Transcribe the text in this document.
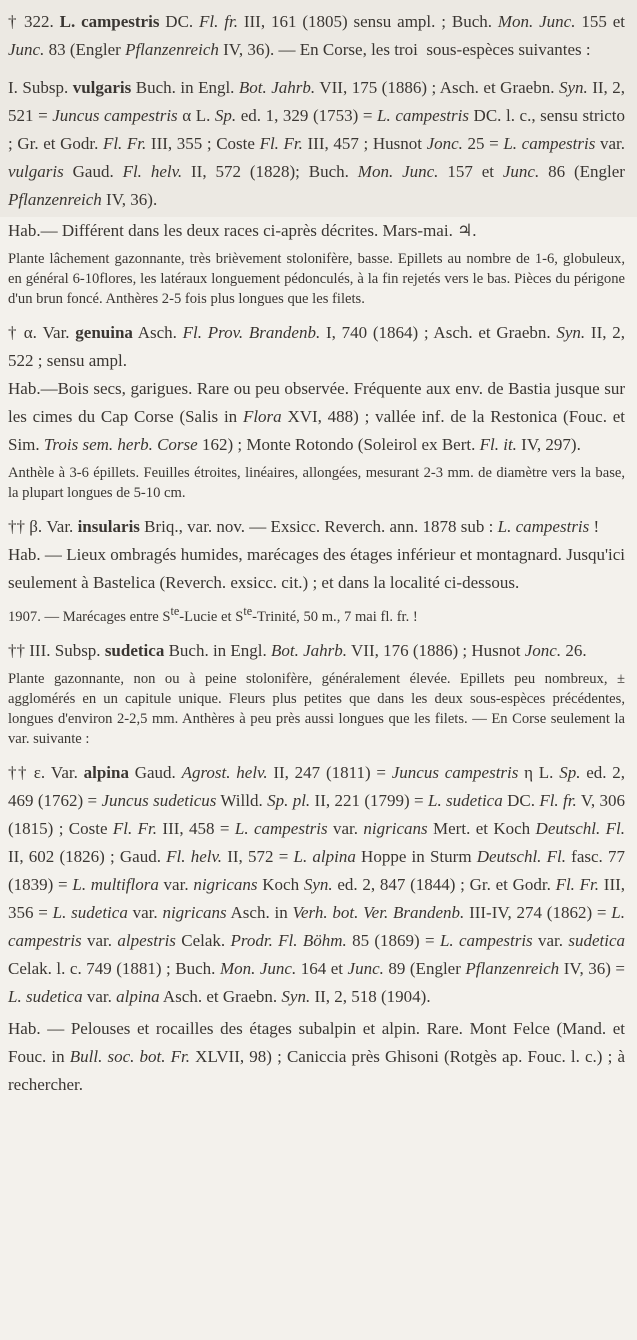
† 322. L. campestris DC. Fl. fr. III, 161 (1805) sensu ampl. ; Buch. Mon. Junc. 155 et Junc. 83 (Engler Pflanzenreich IV, 36). — En Corse, les troi  sous-espèces suivantes :

I. Subsp. vulgaris Buch. in Engl. Bot. Jahrb. VII, 175 (1886) ; Asch. et Graebn. Syn. II, 2, 521 = Juncus campestris α L. Sp. ed. 1, 329 (1753) = L. campestris DC. l. c., sensu stricto ; Gr. et Godr. Fl. Fr. III, 355 ; Coste Fl. Fr. III, 457 ; Husnot Jonc. 25 = L. campestris var. vulgaris Gaud. Fl. helv. II, 572 (1828); Buch. Mon. Junc. 157 et Junc. 86 (Engler Pflanzenreich IV, 36).

Hab.— Différent dans les deux races ci-après décrites. Mars-mai. ♃.

Plante lâchement gazonnante, très brièvement stolonifère, basse. Epillets au nombre de 1-6, globuleux, en général 6-10flores, les latéraux longuement pédonculés, à la fin rejetés vers le bas. Pièces du périgone d'un brun foncé. Anthères 2-5 fois plus longues que les filets.

† α. Var. genuina Asch. Fl. Prov. Brandenb. I, 740 (1864) ; Asch. et Graebn. Syn. II, 2, 522 ; sensu ampl.

Hab.—Bois secs, garigues. Rare ou peu observée. Fréquente aux env. de Bastia jusque sur les cimes du Cap Corse (Salis in Flora XVI, 488) ; vallée inf. de la Restonica (Fouc. et Sim. Trois sem. herb. Corse 162) ; Monte Rotondo (Soleirol ex Bert. Fl. it. IV, 297).

Anthèle à 3-6 épillets. Feuilles étroites, linéaires, allongées, mesurant 2-3 mm. de diamètre vers la base, la plupart longues de 5-10 cm.

†† β. Var. insularis Briq., var. nov. — Exsicc. Reverch. ann. 1878 sub : L. campestris !

Hab. — Lieux ombragés humides, marécages des étages inférieur et montagnard. Jusqu'ici seulement à Bastelica (Reverch. exsicc. cit.) ; et dans la localité ci-dessous.

1907. — Marécages entre $S^{te}$-Lucie et $S^{te}$-Trinité, 50 m., 7 mai fl. fr. !

†† III. Subsp. sudetica Buch. in Engl. Bot. Jahrb. VII, 176 (1886) ; Husnot Jonc. 26.

Plante gazonnante, non ou à peine stolonifère, généralement élevée. Epillets peu nombreux, ± agglomérés en un capitule unique. Fleurs plus petites que dans les deux sous-espèces précédentes, longues d'environ 2-2,5 mm. Anthères à peu près aussi longues que les filets. — En Corse seulement la var. suivante :

†† ε. Var. alpina Gaud. Agrost. helv. II, 247 (1811) = Juncus campestris η L. Sp. ed. 2, 469 (1762) = Juncus sudeticus Willd. Sp. pl. II, 221 (1799) = L. sudetica DC. Fl. fr. V, 306 (1815) ; Coste Fl. Fr. III, 458 = L. campestris var. nigricans Mert. et Koch Deutschl. Fl. II, 602 (1826) ; Gaud. Fl. helv. II, 572 = L. alpina Hoppe in Sturm Deutschl. Fl. fasc. 77 (1839) = L. multiflora var. nigricans Koch Syn. ed. 2, 847 (1844) ; Gr. et Godr. Fl. Fr. III, 356 = L. sudetica var. nigricans Asch. in Verh. bot. Ver. Brandenb. III-IV, 274 (1862) = L. campestris var. alpestris Celak. Prodr. Fl. Böhm. 85 (1869) = L. campestris var. sudetica Celak. l. c. 749 (1881) ; Buch. Mon. Junc. 164 et Junc. 89 (Engler Pflanzenreich IV, 36) = L. sudetica var. alpina Asch. et Graebn. Syn. II, 2, 518 (1904).

Hab. — Pelouses et rocailles des étages subalpin et alpin. Rare. Mont Felce (Mand. et Fouc. in Bull. soc. bot. Fr. XLVII, 98) ; Caniccia près Ghisoni (Rotgès ap. Fouc. l. c.) ; à rechercher.
